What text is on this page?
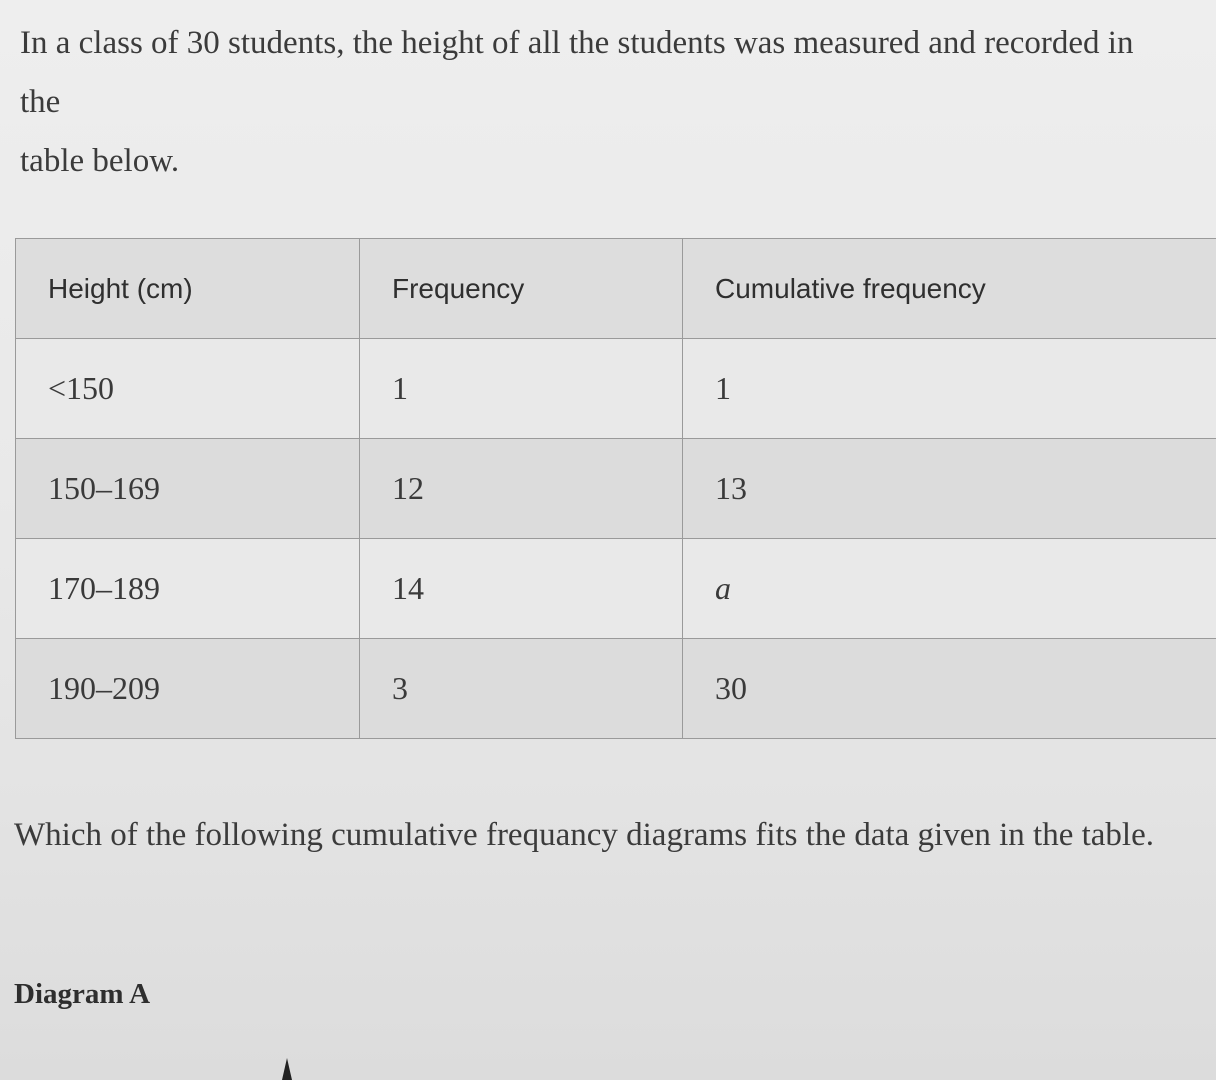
In a class of 30 students, the height of all the students was measured and recorded in

the

table below.

Height (cm)	Frequency	Cumulative frequency
<150	1	1
150–169	12	13
170–189	14	a
190–209	3	30

Which of the following cumulative frequancy diagrams fits the data given in the table.

Diagram A
